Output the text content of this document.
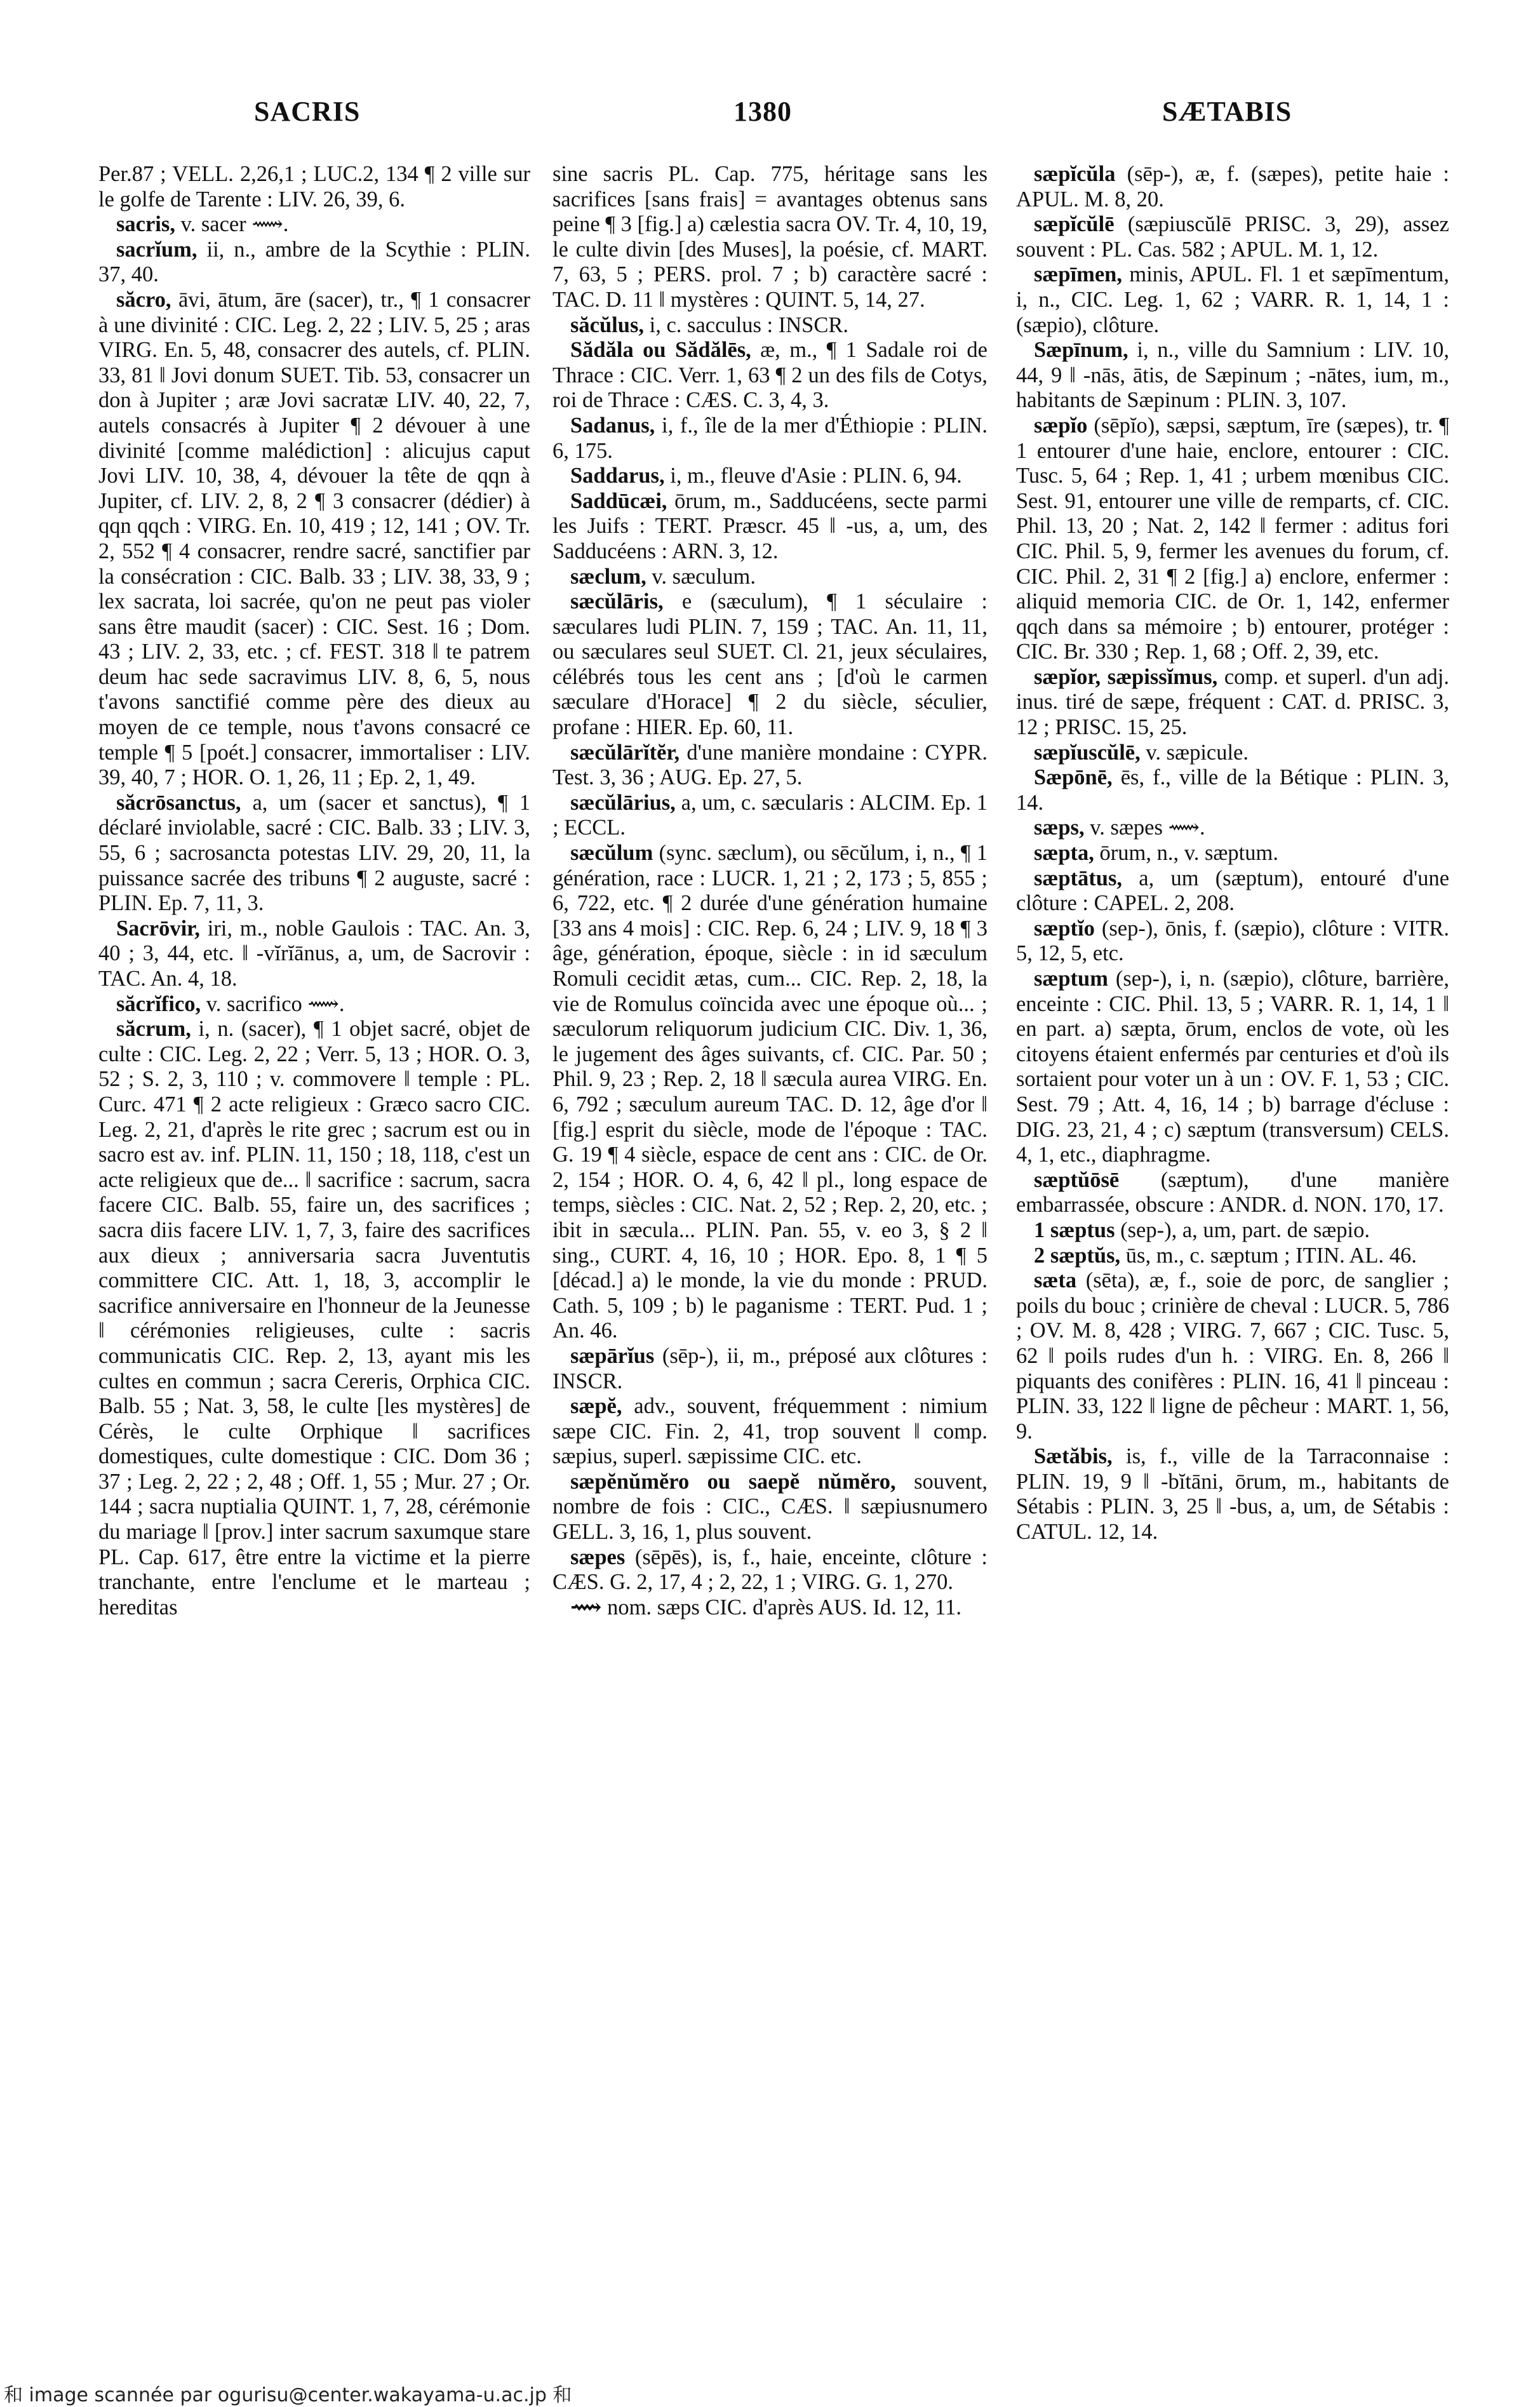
SACRIS	1380	SÆTABIS

Per.87 ; VELL. 2,26,1 ; LUC.2, 134 ¶ 2 ville sur le golfe de Tarente : LIV. 26, 39, 6.

sacris, v. sacer ⟿.

sacrĭum, ii, n., ambre de la Scythie : PLIN. 37, 40.

săcro, āvi, ātum, āre (sacer), tr., ¶ 1 consacrer à une divinité : CIC. Leg. 2, 22 ; LIV. 5, 25 ; aras VIRG. En. 5, 48, consacrer des autels, cf. PLIN. 33, 81 ‖ Jovi donum SUET. Tib. 53, consacrer un don à Jupiter ; aræ Jovi sacratæ LIV. 40, 22, 7, autels consacrés à Jupiter ¶ 2 dévouer à une divinité [comme malédiction] : alicujus caput Jovi LIV. 10, 38, 4, dévouer la tête de qqn à Jupiter, cf. LIV. 2, 8, 2 ¶ 3 consacrer (dédier) à qqn qqch : VIRG. En. 10, 419 ; 12, 141 ; OV. Tr. 2, 552 ¶ 4 consacrer, rendre sacré, sanctifier par la consécration : CIC. Balb. 33 ; LIV. 38, 33, 9 ; lex sacrata, loi sacrée, qu'on ne peut pas violer sans être maudit (sacer) : CIC. Sest. 16 ; Dom. 43 ; LIV. 2, 33, etc. ; cf. FEST. 318 ‖ te patrem deum hac sede sacravimus LIV. 8, 6, 5, nous t'avons sanctifié comme père des dieux au moyen de ce temple, nous t'avons consacré ce temple ¶ 5 [poét.] consacrer, immortaliser : LIV. 39, 40, 7 ; HOR. O. 1, 26, 11 ; Ep. 2, 1, 49.

săcrōsanctus, a, um (sacer et sanctus), ¶ 1 déclaré inviolable, sacré : CIC. Balb. 33 ; LIV. 3, 55, 6 ; sacrosancta potestas LIV. 29, 20, 11, la puissance sacrée des tribuns ¶ 2 auguste, sacré : PLIN. Ep. 7, 11, 3.

Sacrōvir, iri, m., noble Gaulois : TAC. An. 3, 40 ; 3, 44, etc. ‖ -vĭrĭānus, a, um, de Sacrovir : TAC. An. 4, 18.

săcrĭfico, v. sacrifico ⟿.

săcrum, i, n. (sacer), ¶ 1 objet sacré, objet de culte : CIC. Leg. 2, 22 ; Verr. 5, 13 ; HOR. O. 3, 52 ; S. 2, 3, 110 ; v. commovere ‖ temple : PL. Curc. 471 ¶ 2 acte religieux : Græco sacro CIC. Leg. 2, 21, d'après le rite grec ; sacrum est ou in sacro est av. inf. PLIN. 11, 150 ; 18, 118, c'est un acte religieux que de... ‖ sacrifice : sacrum, sacra facere CIC. Balb. 55, faire un, des sacrifices ; sacra diis facere LIV. 1, 7, 3, faire des sacrifices aux dieux ; anniversaria sacra Juventutis committere CIC. Att. 1, 18, 3, accomplir le sacrifice anniversaire en l'honneur de la Jeunesse ‖ cérémonies religieuses, culte : sacris communicatis CIC. Rep. 2, 13, ayant mis les cultes en commun ; sacra Cereris, Orphica CIC. Balb. 55 ; Nat. 3, 58, le culte [les mystères] de Cérès, le culte Orphique ‖ sacrifices domestiques, culte domestique : CIC. Dom 36 ; 37 ; Leg. 2, 22 ; 2, 48 ; Off. 1, 55 ; Mur. 27 ; Or. 144 ; sacra nuptialia QUINT. 1, 7, 28, cérémonie du mariage ‖ [prov.] inter sacrum saxumque stare PL. Cap. 617, être entre la victime et la pierre tranchante, entre l'enclume et le marteau ; hereditas

sine sacris PL. Cap. 775, héritage sans les sacrifices [sans frais] = avantages obtenus sans peine ¶ 3 [fig.] a) cælestia sacra OV. Tr. 4, 10, 19, le culte divin [des Muses], la poésie, cf. MART. 7, 63, 5 ; PERS. prol. 7 ; b) caractère sacré : TAC. D. 11 ‖ mystères : QUINT. 5, 14, 27.

săcŭlus, i, c. sacculus : INSCR.

Sădăla ou Sădălēs, æ, m., ¶ 1 Sadale roi de Thrace : CIC. Verr. 1, 63 ¶ 2 un des fils de Cotys, roi de Thrace : CÆS. C. 3, 4, 3.

Sadanus, i, f., île de la mer d'Éthiopie : PLIN. 6, 175.

Saddarus, i, m., fleuve d'Asie : PLIN. 6, 94.

Saddūcæi, ōrum, m., Sadducéens, secte parmi les Juifs : TERT. Præscr. 45 ‖ -us, a, um, des Sadducéens : ARN. 3, 12.

sæclum, v. sæculum.

sæcŭlāris, e (sæculum), ¶ 1 séculaire : sæculares ludi PLIN. 7, 159 ; TAC. An. 11, 11, ou sæculares seul SUET. Cl. 21, jeux séculaires, célébrés tous les cent ans ; [d'où le carmen sæculare d'Horace] ¶ 2 du siècle, séculier, profane : HIER. Ep. 60, 11.

sæcŭlārĭtĕr, d'une manière mondaine : CYPR. Test. 3, 36 ; AUG. Ep. 27, 5.

sæcŭlārius, a, um, c. sæcularis : ALCIM. Ep. 1 ; ECCL.

sæcŭlum (sync. sæclum), ou sēcŭlum, i, n., ¶ 1 génération, race : LUCR. 1, 21 ; 2, 173 ; 5, 855 ; 6, 722, etc. ¶ 2 durée d'une génération humaine [33 ans 4 mois] : CIC. Rep. 6, 24 ; LIV. 9, 18 ¶ 3 âge, génération, époque, siècle : in id sæculum Romuli cecidit ætas, cum... CIC. Rep. 2, 18, la vie de Romulus coïncida avec une époque où... ; sæculorum reliquorum judicium CIC. Div. 1, 36, le jugement des âges suivants, cf. CIC. Par. 50 ; Phil. 9, 23 ; Rep. 2, 18 ‖ sæcula aurea VIRG. En. 6, 792 ; sæculum aureum TAC. D. 12, âge d'or ‖ [fig.] esprit du siècle, mode de l'époque : TAC. G. 19 ¶ 4 siècle, espace de cent ans : CIC. de Or. 2, 154 ; HOR. O. 4, 6, 42 ‖ pl., long espace de temps, siècles : CIC. Nat. 2, 52 ; Rep. 2, 20, etc. ; ibit in sæcula... PLIN. Pan. 55, v. eo 3, § 2 ‖ sing., CURT. 4, 16, 10 ; HOR. Epo. 8, 1 ¶ 5 [décad.] a) le monde, la vie du monde : PRUD. Cath. 5, 109 ; b) le paganisme : TERT. Pud. 1 ; An. 46.

sæpārĭus (sēp-), ii, m., préposé aux clôtures : INSCR.

sæpĕ, adv., souvent, fréquemment : nimium sæpe CIC. Fin. 2, 41, trop souvent ‖ comp. sæpius, superl. sæpissime CIC. etc.

sæpĕnŭmĕro ou saepĕ nŭmĕro, souvent, nombre de fois : CIC., CÆS. ‖ sæpiusnumero GELL. 3, 16, 1, plus souvent.

sæpes (sēpēs), is, f., haie, enceinte, clôture : CÆS. G. 2, 17, 4 ; 2, 22, 1 ; VIRG. G. 1, 270.

⟿ nom. sæps CIC. d'après AUS. Id. 12, 11.

sæpĭcŭla (sēp-), æ, f. (sæpes), petite haie : APUL. M. 8, 20.

sæpĭcŭlē (sæpiuscŭlē PRISC. 3, 29), assez souvent : PL. Cas. 582 ; APUL. M. 1, 12.

sæpīmen, minis, APUL. Fl. 1 et sæpīmentum, i, n., CIC. Leg. 1, 62 ; VARR. R. 1, 14, 1 : (sæpio), clôture.

Sæpīnum, i, n., ville du Samnium : LIV. 10, 44, 9 ‖ -nās, ātis, de Sæpinum ; -nātes, ium, m., habitants de Sæpinum : PLIN. 3, 107.

sæpĭo (sēpĭo), sæpsi, sæptum, īre (sæpes), tr. ¶ 1 entourer d'une haie, enclore, entourer : CIC. Tusc. 5, 64 ; Rep. 1, 41 ; urbem mœnibus CIC. Sest. 91, entourer une ville de remparts, cf. CIC. Phil. 13, 20 ; Nat. 2, 142 ‖ fermer : aditus fori CIC. Phil. 5, 9, fermer les avenues du forum, cf. CIC. Phil. 2, 31 ¶ 2 [fig.] a) enclore, enfermer : aliquid memoria CIC. de Or. 1, 142, enfermer qqch dans sa mémoire ; b) entourer, protéger : CIC. Br. 330 ; Rep. 1, 68 ; Off. 2, 39, etc.

sæpĭor, sæpissĭmus, comp. et superl. d'un adj. inus. tiré de sæpe, fréquent : CAT. d. PRISC. 3, 12 ; PRISC. 15, 25.

sæpĭuscŭlē, v. sæpicule.

Sæpōnē, ēs, f., ville de la Bétique : PLIN. 3, 14.

sæps, v. sæpes ⟿.

sæpta, ōrum, n., v. sæptum.

sæptātus, a, um (sæptum), entouré d'une clôture : CAPEL. 2, 208.

sæptĭo (sep-), ōnis, f. (sæpio), clôture : VITR. 5, 12, 5, etc.

sæptum (sep-), i, n. (sæpio), clôture, barrière, enceinte : CIC. Phil. 13, 5 ; VARR. R. 1, 14, 1 ‖ en part. a) sæpta, ōrum, enclos de vote, où les citoyens étaient enfermés par centuries et d'où ils sortaient pour voter un à un : OV. F. 1, 53 ; CIC. Sest. 79 ; Att. 4, 16, 14 ; b) barrage d'écluse : DIG. 23, 21, 4 ; c) sæptum (transversum) CELS. 4, 1, etc., diaphragme.

sæptŭōsē (sæptum), d'une manière embarrassée, obscure : ANDR. d. NON. 170, 17.

1 sæptus (sep-), a, um, part. de sæpio.

2 sæptŭs, ūs, m., c. sæptum ; ITIN. AL. 46.

sæta (sēta), æ, f., soie de porc, de sanglier ; poils du bouc ; crinière de cheval : LUCR. 5, 786 ; OV. M. 8, 428 ; VIRG. 7, 667 ; CIC. Tusc. 5, 62 ‖ poils rudes d'un h. : VIRG. En. 8, 266 ‖ piquants des conifères : PLIN. 16, 41 ‖ pinceau : PLIN. 33, 122 ‖ ligne de pêcheur : MART. 1, 56, 9.

Sætăbis, is, f., ville de la Tarraconnaise : PLIN. 19, 9 ‖ -bĭtāni, ōrum, m., habitants de Sétabis : PLIN. 3, 25 ‖ -bus, a, um, de Sétabis : CATUL. 12, 14.

和 image scannée par ogurisu@center.wakayama-u.ac.jp 和
